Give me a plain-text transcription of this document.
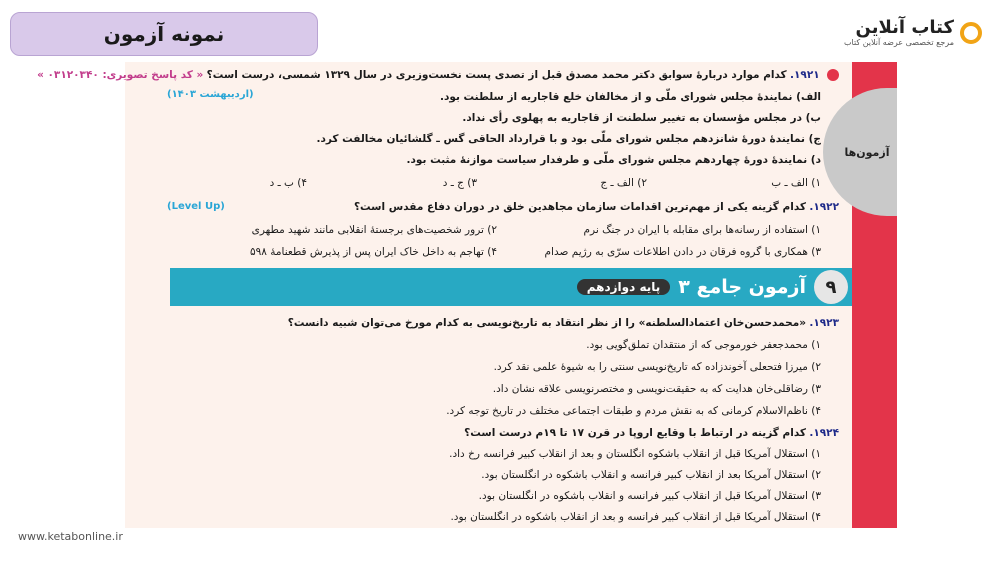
نمونه آزمون	کتاب آنلاین
مرجع تخصصی عرضه آنلاین کتاب
آزمون‌ها
۱۹۲۱. کدام موارد دربارهٔ سوابق دکتر محمد مصدق قبل از تصدی پست نخست‌وزیری در سال ۱۳۲۹ شمسی، درست است؟ « کد پاسخ تصویری: ۰۳۱۲۰۳۴۰ »
(اردیبهشت ۱۴۰۳)	الف) نمایندهٔ مجلس شورای ملّی و از مخالفان خلع قاجاریه از سلطنت بود.
ب) در مجلس مؤسسان به تغییر سلطنت از قاجاریه به پهلوی رأی نداد.
ج) نمایندهٔ دورهٔ شانزدهم مجلس شورای ملّی بود و با قرارداد الحاقی گس ـ گلشائیان مخالفت کرد.
د) نمایندهٔ دورهٔ چهاردهم مجلس شورای ملّی و طرفدار سیاست موازنهٔ مثبت بود.
۱) الف ـ ب
۲) الف ـ ج
۳) ج ـ د
۴) ب ـ د
۱۹۲۲. کدام گزینه یکی از مهم‌ترین اقدامات سازمان مجاهدین خلق در دوران دفاع مقدس است؟
(Level Up)
۱) استفاده از رسانه‌ها برای مقابله با ایران در جنگ نرم
۲) ترور شخصیت‌های برجستهٔ انقلابی مانند شهید مطهری
۳) همکاری با گروه فرقان در دادن اطلاعات سرّی به رژیم صدام
۴) تهاجم به داخل خاک ایران پس از پذیرش قطعنامهٔ ۵۹۸
۹
آزمون جامع ۳
پایه دوازدهم
۱۹۲۳. «محمدحسن‌خان اعتمادالسلطنه» را از نظر انتقاد به تاریخ‌نویسی به کدام مورخ می‌توان شبیه دانست؟
۱) محمدجعفر خورموجی که از منتقدان تملق‌گویی بود.
۲) میرزا فتحعلی آخوندزاده که تاریخ‌نویسی سنتی را به شیوهٔ علمی نقد کرد.
۳) رضاقلی‌خان هدایت که به حقیقت‌نویسی و مختصرنویسی علاقه نشان داد.
۴) ناظم‌الاسلام کرمانی که به نقش مردم و طبقات اجتماعی مختلف در تاریخ توجه کرد.
۱۹۲۴. کدام گزینه در ارتباط با وقایع اروپا در قرن ۱۷ تا ۱۹م درست است؟
۱) استقلال آمریکا قبل از انقلاب باشکوه انگلستان و بعد از انقلاب کبیر فرانسه رخ داد.
۲) استقلال آمریکا بعد از انقلاب کبیر فرانسه و انقلاب باشکوه در انگلستان بود.
۳) استقلال آمریکا قبل از انقلاب کبیر فرانسه و انقلاب باشکوه در انگلستان بود.
۴) استقلال آمریکا قبل از انقلاب کبیر فرانسه و بعد از انقلاب باشکوه در انگلستان بود.
www.ketabonline.ir
